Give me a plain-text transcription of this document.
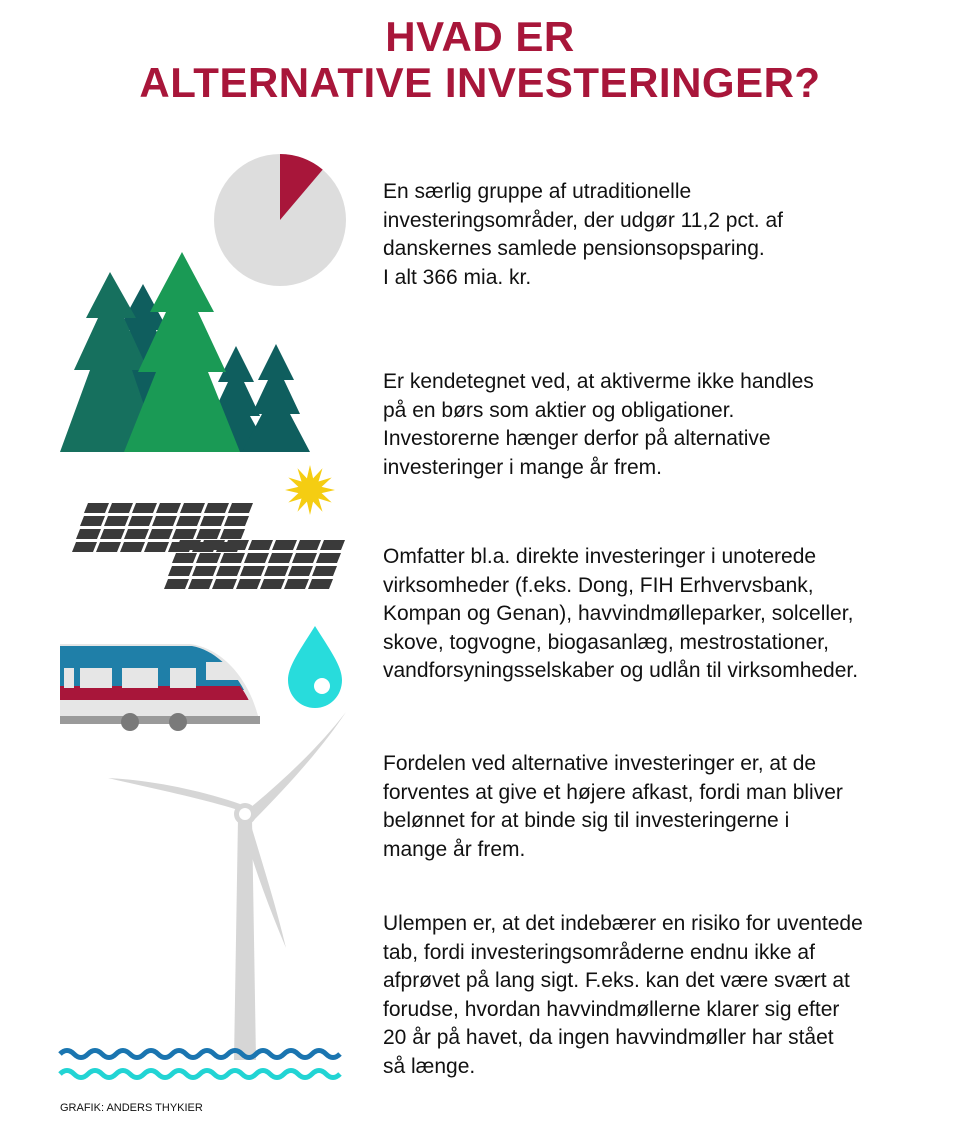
HVAD ER
ALTERNATIVE INVESTERINGER?
En særlig gruppe af utraditionelle
investeringsområder, der udgør 11,2 pct. af
danskernes samlede pensionsopsparing.
I alt 366 mia. kr.
Er kendetegnet ved, at aktiverme ikke handles
på en børs som aktier og obligationer.
Investorerne hænger derfor på alternative
investeringer i mange år frem.
Omfatter bl.a. direkte investeringer i unoterede
virksomheder (f.eks. Dong, FIH Erhvervsbank,
Kompan og Genan), havvindmølleparker, solceller,
skove, togvogne, biogasanlæg, mestrostationer,
vandforsyningsselskaber og udlån til virksomheder.
Fordelen ved alternative investeringer er, at de
forventes at give et højere afkast, fordi man bliver
belønnet for at binde sig til investeringerne i
mange år frem.
Ulempen er, at det indebærer en risiko for uventede
tab, fordi investeringsområderne endnu ikke af
afprøvet på lang sigt. F.eks. kan det være svært at
forudse, hvordan havvindmøllerne klarer sig efter
20 år på havet, da ingen havvindmøller har stået
så længe.
GRAFIK: ANDERS THYKIER
